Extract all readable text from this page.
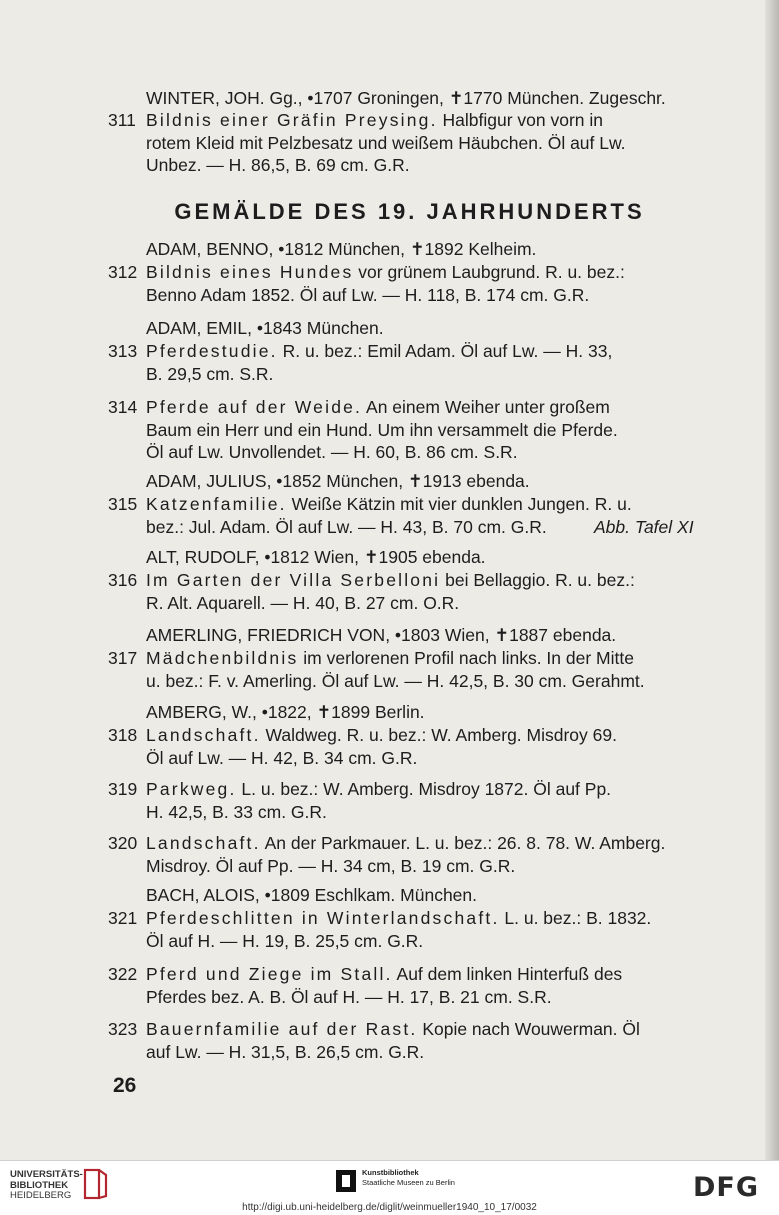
WINTER, JOH. Gg., •1707 Groningen, ✝1770 München. Zugeschr.
311 Bildnis einer Gräfin Preysing. Halbfigur von vorn in
rotem Kleid mit Pelzbesatz und weißem Häubchen. Öl auf Lw.
Unbez. — H. 86,5, B. 69 cm. G.R.
GEMÄLDE DES 19. JAHRHUNDERTS
ADAM, BENNO, •1812 München, ✝1892 Kelheim.
312 Bildnis eines Hundes vor grünem Laubgrund. R. u. bez.:
Benno Adam 1852. Öl auf Lw. — H. 118, B. 174 cm. G.R.
ADAM, EMIL, •1843 München.
313 Pferdestudie. R. u. bez.: Emil Adam. Öl auf Lw. — H. 33,
B. 29,5 cm. S.R.
314 Pferde auf der Weide. An einem Weiher unter großem
Baum ein Herr und ein Hund. Um ihn versammelt die Pferde.
Öl auf Lw. Unvollendet. — H. 60, B. 86 cm. S.R.
ADAM, JULIUS, •1852 München, ✝1913 ebenda.
315 Katzenfamilie. Weiße Kätzin mit vier dunklen Jungen. R. u.
bez.: Jul. Adam. Öl auf Lw. — H. 43, B. 70 cm. G.R.	Abb. Tafel XI
ALT, RUDOLF, •1812 Wien, ✝1905 ebenda.
316 Im Garten der Villa Serbelloni bei Bellaggio. R. u. bez.:
R. Alt. Aquarell. — H. 40, B. 27 cm. O.R.
AMERLING, FRIEDRICH VON, •1803 Wien, ✝1887 ebenda.
317 Mädchenbildnis im verlorenen Profil nach links. In der Mitte
u. bez.: F. v. Amerling. Öl auf Lw. — H. 42,5, B. 30 cm. Gerahmt.
AMBERG, W., •1822, ✝1899 Berlin.
318 Landschaft. Waldweg. R. u. bez.: W. Amberg. Misdroy 69.
Öl auf Lw. — H. 42, B. 34 cm. G.R.
319 Parkweg. L. u. bez.: W. Amberg. Misdroy 1872. Öl auf Pp.
H. 42,5, B. 33 cm. G.R.
320 Landschaft. An der Parkmauer. L. u. bez.: 26. 8. 78. W. Amberg.
Misdroy. Öl auf Pp. — H. 34 cm, B. 19 cm. G.R.
BACH, ALOIS, •1809 Eschlkam. München.
321 Pferdeschlitten in Winterlandschaft. L. u. bez.: B. 1832.
Öl auf H. — H. 19, B. 25,5 cm. G.R.
322 Pferd und Ziege im Stall. Auf dem linken Hinterfuß des
Pferdes bez. A. B. Öl auf H. — H. 17, B. 21 cm. S.R.
323 Bauernfamilie auf der Rast. Kopie nach Wouwerman. Öl
auf Lw. — H. 31,5, B. 26,5 cm. G.R.
26
UNIVERSITÄTS-
BIBLIOTHEK
HEIDELBERG
Kunstbibliothek
Staatliche Museen zu Berlin	DFG
http://digi.ub.uni-heidelberg.de/diglit/weinmueller1940_10_17/0032
